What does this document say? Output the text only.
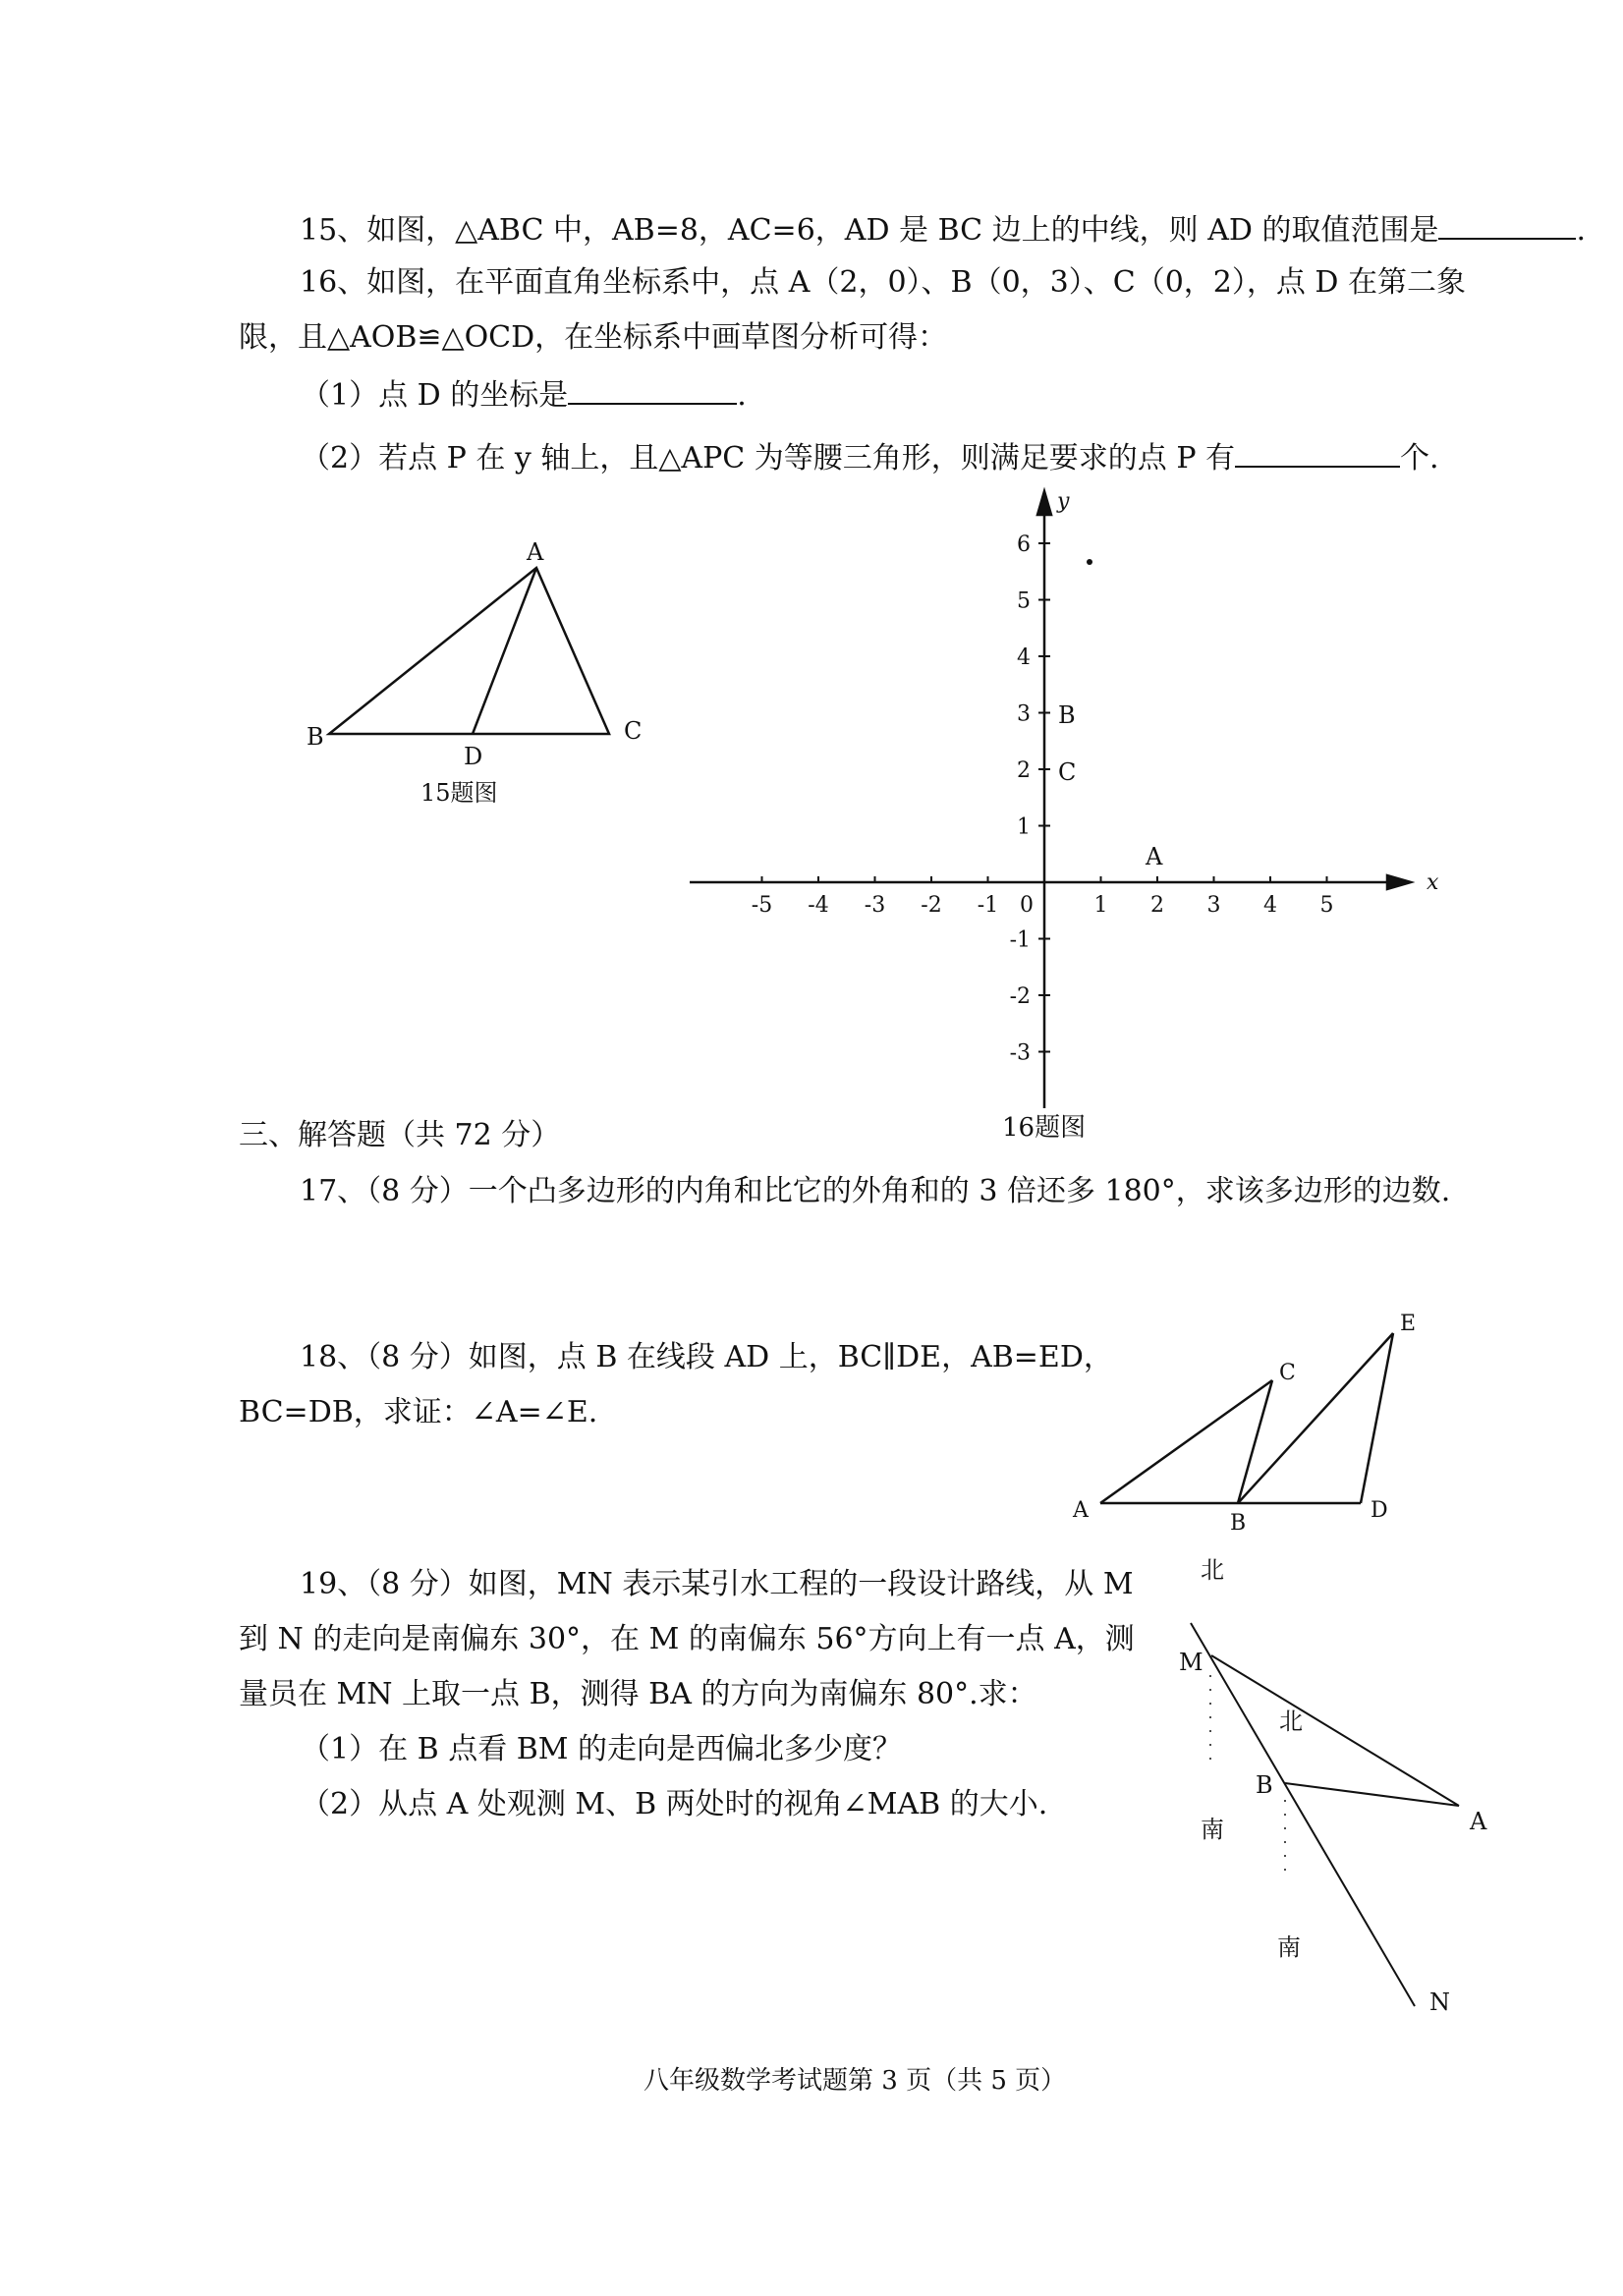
15、如图，△ABC 中，AB=8，AC=6，AD 是 BC 边上的中线，则 AD 的取值范围是	.
16、如图，在平面直角坐标系中，点 A（2，0）、B（0，3）、C（0，2），点 D 在第二象
限，且△AOB≌△OCD，在坐标系中画草图分析可得：
（1）点 D 的坐标是	.
（2）若点 P 在 y 轴上，且△APC 为等腰三角形，则满足要求的点 P 有	个.
A
B	C
D
15题图
-5 -4 -3 -2 -1 0	1 2 3 4 5
6
5
4
3
2
1
-1
-2
-3
x
y
B
C
A
16题图
三、解答题（共 72 分）
17、（8 分）一个凸多边形的内角和比它的外角和的 3 倍还多 180°，求该多边形的边数.
18、（8 分）如图，点 B 在线段 AD 上，BC∥DE，AB=ED，
BC=DB，求证：∠A=∠E.
A
B
C
D
E
19、（8 分）如图，MN 表示某引水工程的一段设计路线，从 M
到 N 的走向是南偏东 30°，在 M 的南偏东 56°方向上有一点 A，测
量员在 MN 上取一点 B，测得 BA 的方向为南偏东 80°.求：
（1）在 B 点看 BM 的走向是西偏北多少度？
（2）从点 A 处观测 M、B 两处时的视角∠MAB 的大小.
北
北
南
南
M
B
A
N
八年级数学考试题第 3 页（共 5 页）
